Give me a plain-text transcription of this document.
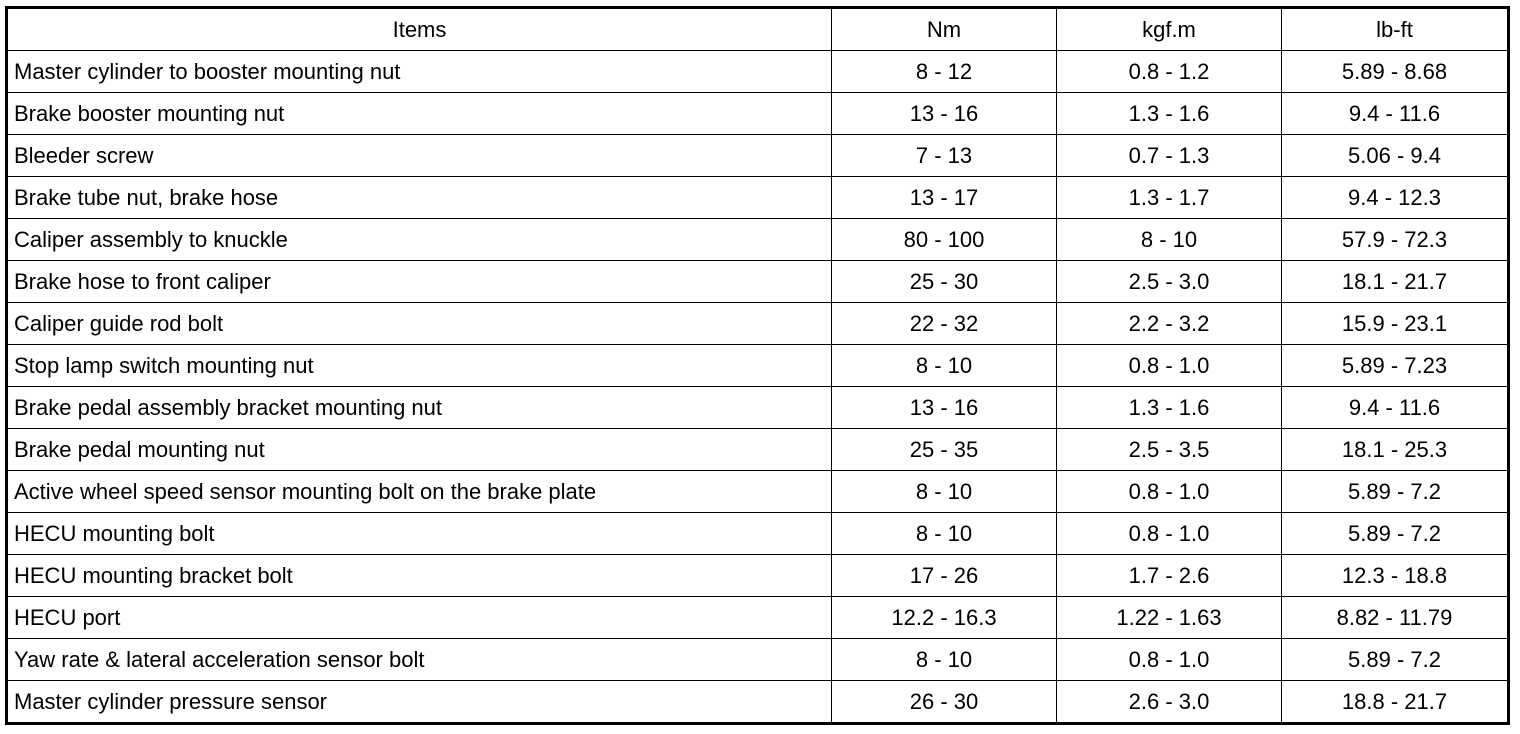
Items	Nm	kgf.m	lb-ft
Master cylinder to booster mounting nut	8 - 12	0.8 - 1.2	5.89 - 8.68
Brake booster mounting nut	13 - 16	1.3 - 1.6	9.4 - 11.6
Bleeder screw	7 - 13	0.7 - 1.3	5.06 - 9.4
Brake tube nut, brake hose	13 - 17	1.3 - 1.7	9.4 - 12.3
Caliper assembly to knuckle	80 - 100	8 - 10	57.9 - 72.3
Brake hose to front caliper	25 - 30	2.5 - 3.0	18.1 - 21.7
Caliper guide rod bolt	22 - 32	2.2 - 3.2	15.9 - 23.1
Stop lamp switch mounting nut	8 - 10	0.8 - 1.0	5.89 - 7.23
Brake pedal assembly bracket mounting nut	13 - 16	1.3 - 1.6	9.4 - 11.6
Brake pedal mounting nut	25 - 35	2.5 - 3.5	18.1 - 25.3
Active wheel speed sensor mounting bolt on the brake plate	8 - 10	0.8 - 1.0	5.89 - 7.2
HECU mounting bolt	8 - 10	0.8 - 1.0	5.89 - 7.2
HECU mounting bracket bolt	17 - 26	1.7 - 2.6	12.3 - 18.8
HECU port	12.2 - 16.3	1.22 - 1.63	8.82 - 11.79
Yaw rate & lateral acceleration sensor bolt	8 - 10	0.8 - 1.0	5.89 - 7.2
Master cylinder pressure sensor	26 - 30	2.6 - 3.0	18.8 - 21.7
